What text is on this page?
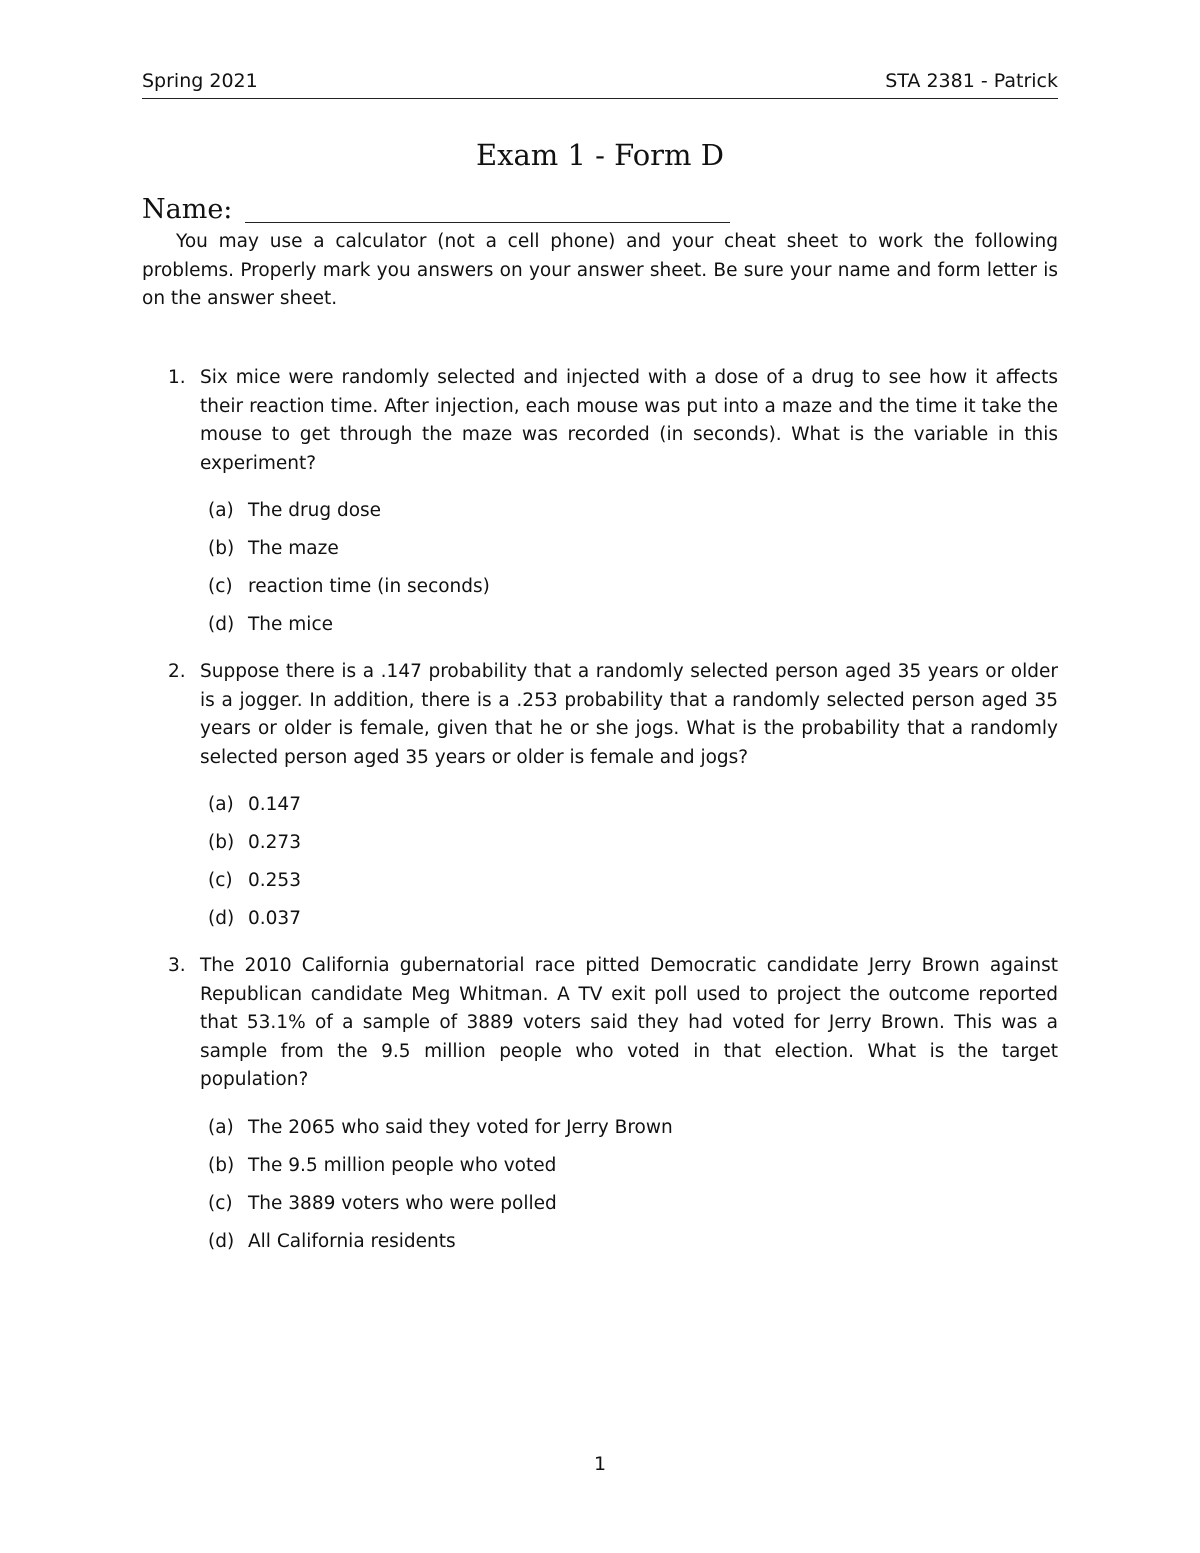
Spring 2021	STA 2381 - Patrick
Exam 1 - Form D
Name:
You may use a calculator (not a cell phone) and your cheat sheet to work the following problems. Properly mark you answers on your answer sheet. Be sure your name and form letter is on the answer sheet.
1. Six mice were randomly selected and injected with a dose of a drug to see how it affects their reaction time. After injection, each mouse was put into a maze and the time it take the mouse to get through the maze was recorded (in seconds). What is the variable in this experiment?
(a) The drug dose
(b) The maze
(c) reaction time (in seconds)
(d) The mice
2. Suppose there is a .147 probability that a randomly selected person aged 35 years or older is a jogger. In addition, there is a .253 probability that a randomly selected person aged 35 years or older is female, given that he or she jogs. What is the probability that a randomly selected person aged 35 years or older is female and jogs?
(a) 0.147
(b) 0.273
(c) 0.253
(d) 0.037
3. The 2010 California gubernatorial race pitted Democratic candidate Jerry Brown against Republican candidate Meg Whitman. A TV exit poll used to project the outcome reported that 53.1% of a sample of 3889 voters said they had voted for Jerry Brown. This was a sample from the 9.5 million people who voted in that election. What is the target population?
(a) The 2065 who said they voted for Jerry Brown
(b) The 9.5 million people who voted
(c) The 3889 voters who were polled
(d) All California residents
1
